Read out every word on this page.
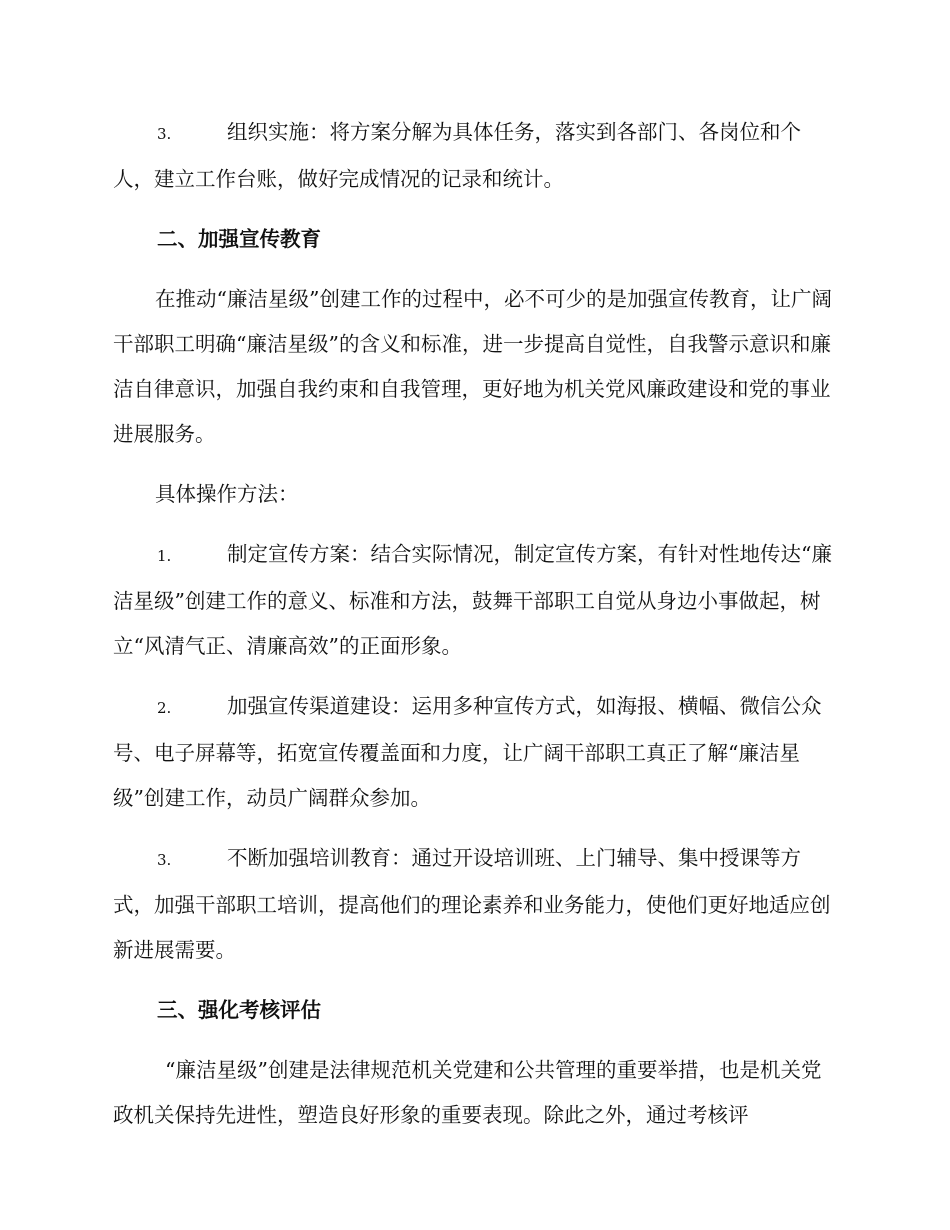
3.	组织实施：将方案分解为具体任务，落实到各部门、各岗位和个人，建立工作台账，做好完成情况的记录和统计。

二、加强宣传教育

在推动“廉洁星级”创建工作的过程中，必不可少的是加强宣传教育，让广阔干部职工明确“廉洁星级”的含义和标准，进一步提高自觉性，自我警示意识和廉洁自律意识，加强自我约束和自我管理，更好地为机关党风廉政建设和党的事业进展服务。

具体操作方法：

1.	制定宣传方案：结合实际情况，制定宣传方案，有针对性地传达“廉洁星级”创建工作的意义、标准和方法，鼓舞干部职工自觉从身边小事做起，树立“风清气正、清廉高效”的正面形象。

2.	加强宣传渠道建设：运用多种宣传方式，如海报、横幅、微信公众号、电子屏幕等，拓宽宣传覆盖面和力度，让广阔干部职工真正了解“廉洁星级”创建工作，动员广阔群众参加。

3.	不断加强培训教育：通过开设培训班、上门辅导、集中授课等方式，加强干部职工培训，提高他们的理论素养和业务能力，使他们更好地适应创新进展需要。

三、强化考核评估

“廉洁星级”创建是法律规范机关党建和公共管理的重要举措，也是机关党政机关保持先进性，塑造良好形象的重要表现。除此之外，通过考核评
